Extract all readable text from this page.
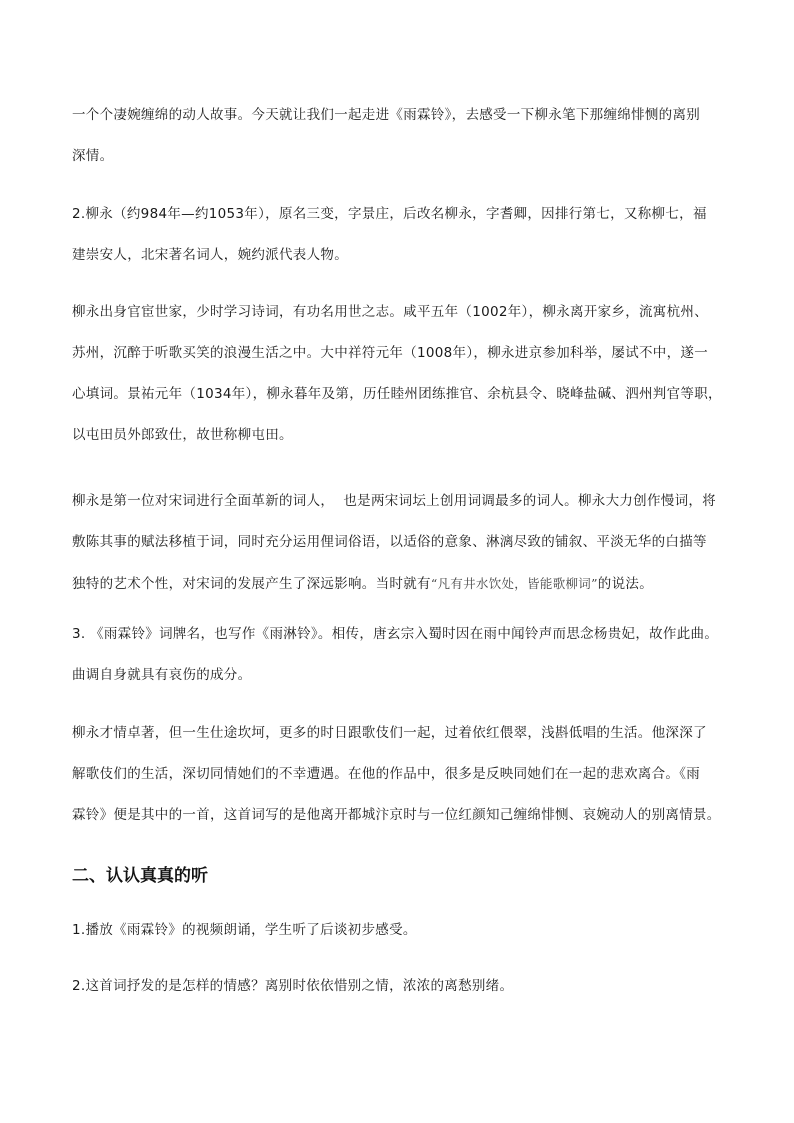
一个个凄婉缠绵的动人故事。今天就让我们一起走进《雨霖铃》，去感受一下柳永笔下那缠绵悱恻的离别

深情。

2.柳永（约984年—约1053年），原名三变，字景庄，后改名柳永，字耆卿，因排行第七，又称柳七，福

建崇安人，北宋著名词人，婉约派代表人物。

柳永出身官宦世家，少时学习诗词，有功名用世之志。咸平五年（1002年），柳永离开家乡，流寓杭州、

苏州，沉醉于听歌买笑的浪漫生活之中。大中祥符元年（1008年），柳永进京参加科举，屡试不中，遂一

心填词。景祐元年（1034年），柳永暮年及第，历任睦州团练推官、余杭县令、晓峰盐碱、泗州判官等职，

以屯田员外郎致仕，故世称柳屯田。

柳永是第一位对宋词进行全面革新的词人，  也是两宋词坛上创用词调最多的词人。柳永大力创作慢词，将

敷陈其事的赋法移植于词，同时充分运用俚词俗语，以适俗的意象、淋漓尽致的铺叙、平淡无华的白描等

独特的艺术个性，对宋词的发展产生了深远影响。当时就有“凡有井水饮处，皆能歌柳词”的说法。

3. 《雨霖铃》词牌名，也写作《雨淋铃》。相传，唐玄宗入蜀时因在雨中闻铃声而思念杨贵妃，故作此曲。

曲调自身就具有哀伤的成分。

柳永才情卓著，但一生仕途坎坷，更多的时日跟歌伎们一起，过着依红偎翠，浅斟低唱的生活。他深深了

解歌伎们的生活，深切同情她们的不幸遭遇。在他的作品中，很多是反映同她们在一起的悲欢离合。《雨

霖铃》便是其中的一首，这首词写的是他离开都城汴京时与一位红颜知己缠绵悱恻、哀婉动人的别离情景。

二、认认真真的听

1.播放《雨霖铃》的视频朗诵，学生听了后谈初步感受。

2.这首词抒发的是怎样的情感？离别时依依惜别之情，浓浓的离愁别绪。
